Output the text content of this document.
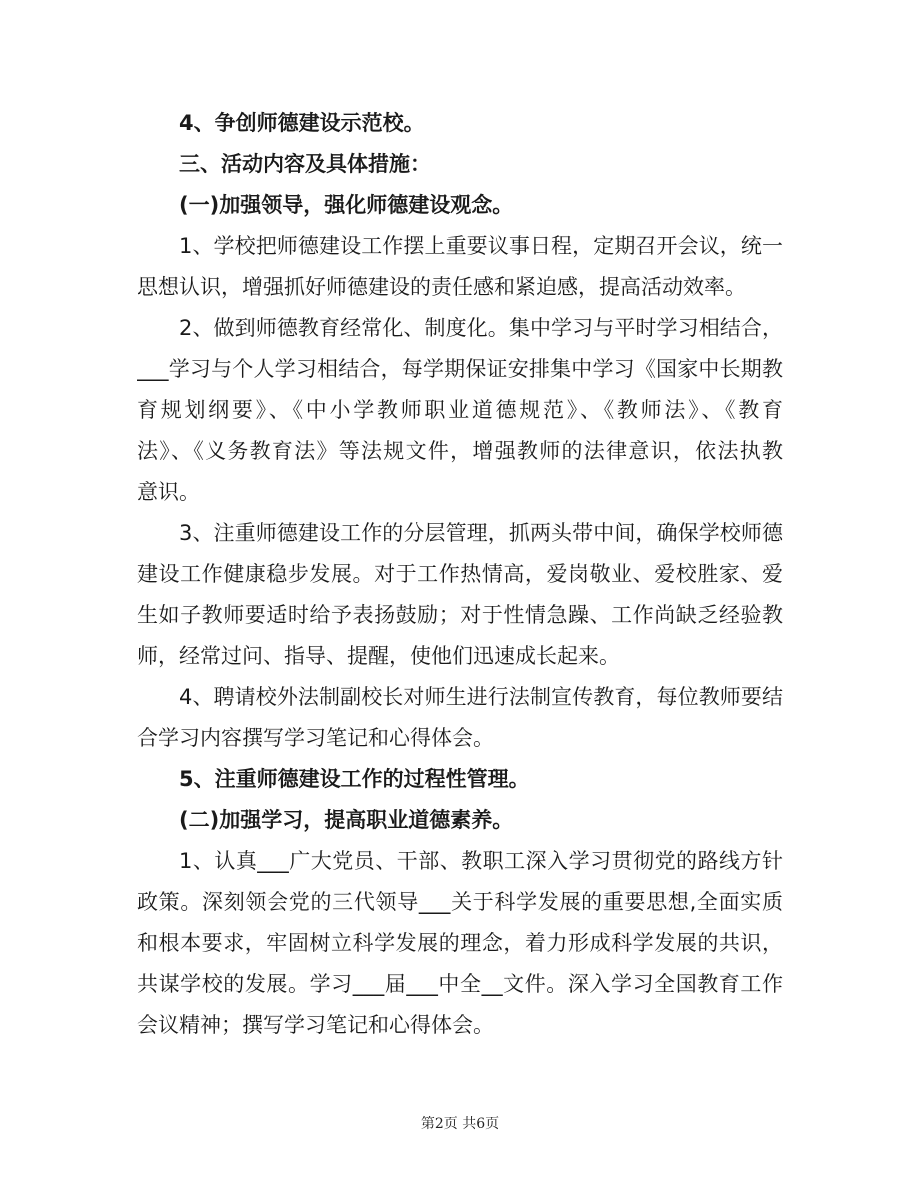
4、争创师德建设示范校。
三、活动内容及具体措施：
(一)加强领导，强化师德建设观念。
1、学校把师德建设工作摆上重要议事日程，定期召开会议，统一
思想认识，增强抓好师德建设的责任感和紧迫感，提高活动效率。
2、做到师德教育经常化、制度化。集中学习与平时学习相结合，
___学习与个人学习相结合，每学期保证安排集中学习《国家中长期教
育规划纲要》、《中小学教师职业道德规范》、《教师法》、《教育
法》、《义务教育法》等法规文件，增强教师的法律意识，依法执教
意识。
3、注重师德建设工作的分层管理，抓两头带中间，确保学校师德
建设工作健康稳步发展。对于工作热情高，爱岗敬业、爱校胜家、爱
生如子教师要适时给予表扬鼓励；对于性情急躁、工作尚缺乏经验教
师，经常过问、指导、提醒，使他们迅速成长起来。
4、聘请校外法制副校长对师生进行法制宣传教育，每位教师要结
合学习内容撰写学习笔记和心得体会。
5、注重师德建设工作的过程性管理。
(二)加强学习，提高职业道德素养。
1、认真___广大党员、干部、教职工深入学习贯彻党的路线方针
政策。深刻领会党的三代领导___关于科学发展的重要思想,全面实质
和根本要求，牢固树立科学发展的理念，着力形成科学发展的共识，
共谋学校的发展。学习___届___中全__文件。深入学习全国教育工作
会议精神；撰写学习笔记和心得体会。
第2页 共6页
